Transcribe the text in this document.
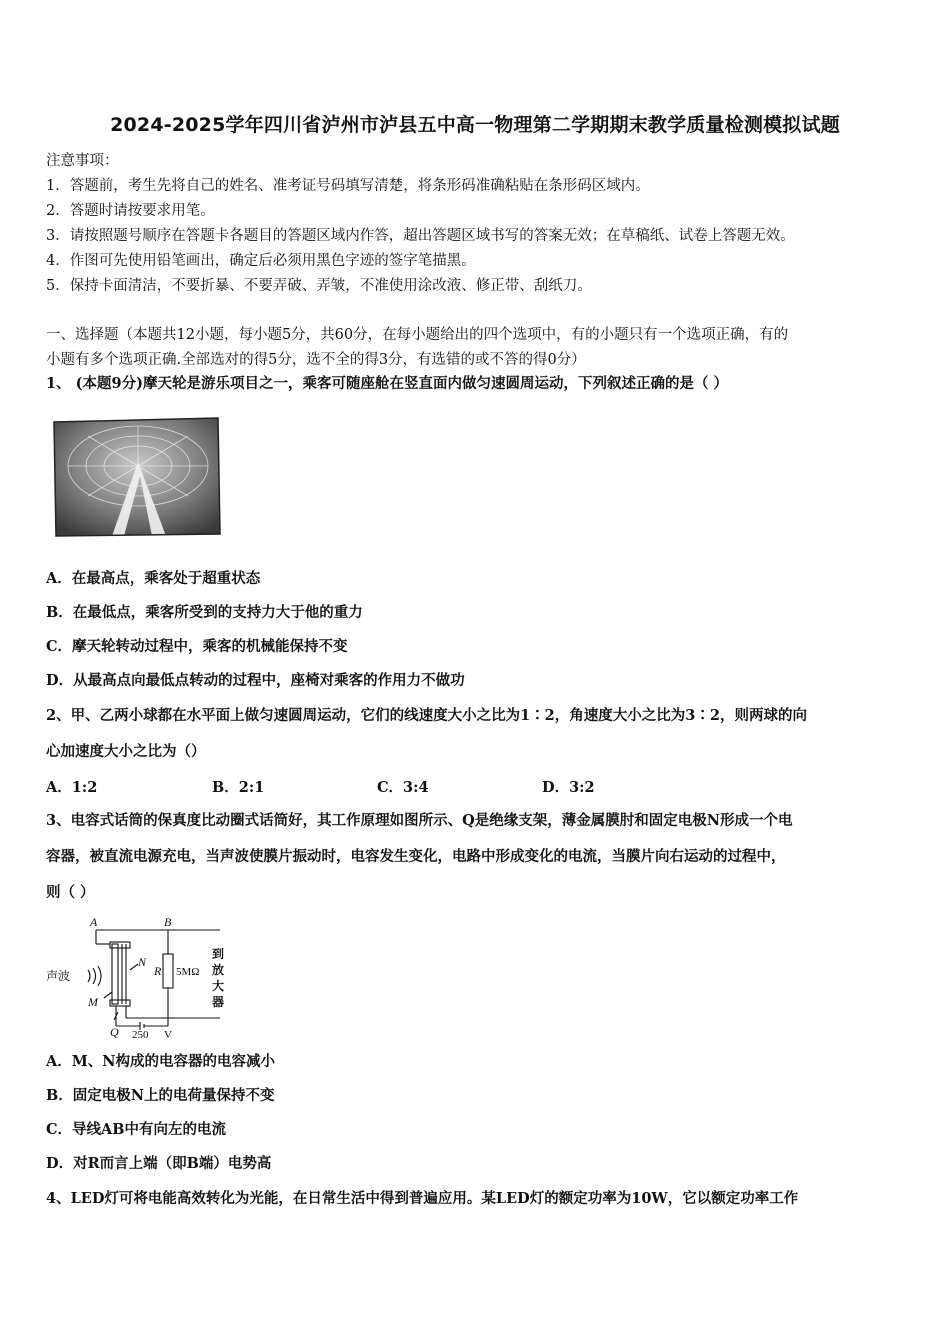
2024-2025学年四川省泸州市泸县五中高一物理第二学期期末教学质量检测模拟试题
注意事项：
1．答题前，考生先将自己的姓名、准考证号码填写清楚，将条形码准确粘贴在条形码区域内。
2．答题时请按要求用笔。
3．请按照题号顺序在答题卡各题目的答题区域内作答，超出答题区域书写的答案无效；在草稿纸、试卷上答题无效。
4．作图可先使用铅笔画出，确定后必须用黑色字迹的签字笔描黑。
5．保持卡面清洁，不要折暴、不要弄破、弄皱，不准使用涂改液、修正带、刮纸刀。
一、选择题（本题共12小题，每小题5分，共60分，在每小题给出的四个选项中，有的小题只有一个选项正确，有的
小题有多个选项正确.全部选对的得5分，选不全的得3分，有选错的或不答的得0分）
1、 (本题9分)摩天轮是游乐项目之一，乘客可随座舱在竖直面内做匀速圆周运动，下列叙述正确的是（ ）
A．在最高点，乘客处于超重状态
B．在最低点，乘客所受到的支持力大于他的重力
C．摩天轮转动过程中，乘客的机械能保持不变
D．从最高点向最低点转动的过程中，座椅对乘客的作用力不做功
2、甲、乙两小球都在水平面上做匀速圆周运动，它们的线速度大小之比为1∶2，角速度大小之比为3∶2，则两球的向
心加速度大小之比为（）
A．1:2	B．2:1	C．3:4	D．3:2
3、电容式话筒的保真度比动圈式话筒好，其工作原理如图所示、Q是绝缘支架，薄金属膜肘和固定电极N形成一个电
容器，被直流电源充电，当声波使膜片振动时，电容发生变化，电路中形成变化的电流，当膜片向右运动的过程中，
则（ ）
A	B
N
R 5MΩ
声波
M
Q 250 V
到
放
大
器
A．M、N构成的电容器的电容减小
B．固定电极N上的电荷量保持不变
C．导线AB中有向左的电流
D．对R而言上端（即B端）电势高
4、LED灯可将电能高效转化为光能，在日常生活中得到普遍应用。某LED灯的额定功率为10W，它以额定功率工作
